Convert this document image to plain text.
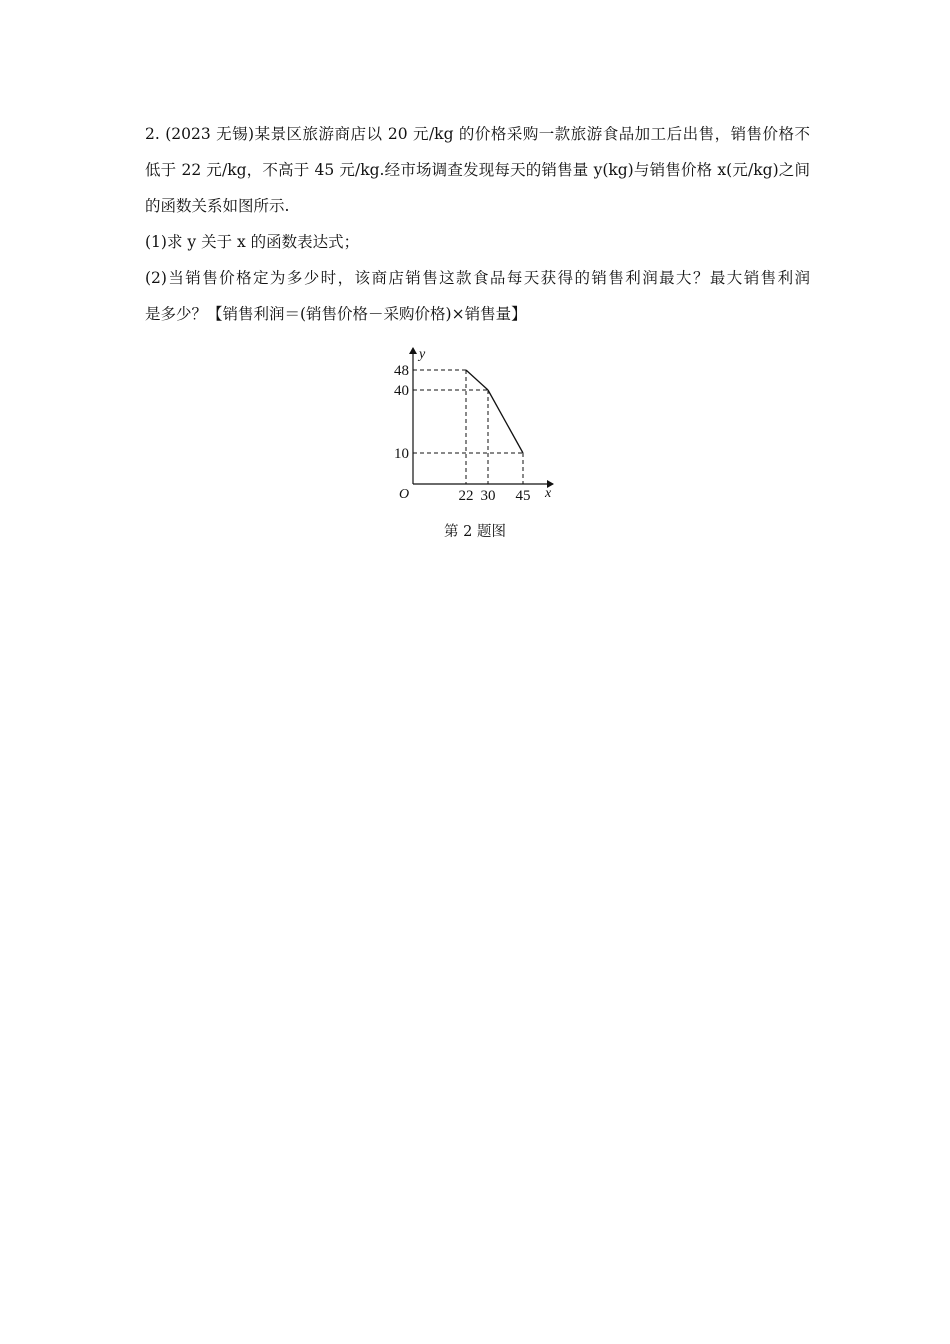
2. (2023 无锡)某景区旅游商店以 20 元/kg 的价格采购一款旅游食品加工后出售，销售价格不

低于 22 元/kg，不高于 45 元/kg.经市场调查发现每天的销售量 y(kg)与销售价格 x(元/kg)之间

的函数关系如图所示.

(1)求 y 关于 x 的函数表达式；

(2)当销售价格定为多少时，该商店销售这款食品每天获得的销售利润最大？最大销售利润

是多少？【销售利润＝(销售价格－采购价格)×销售量】

y
x
O
48
40
10
22 30 45
第 2 题图
